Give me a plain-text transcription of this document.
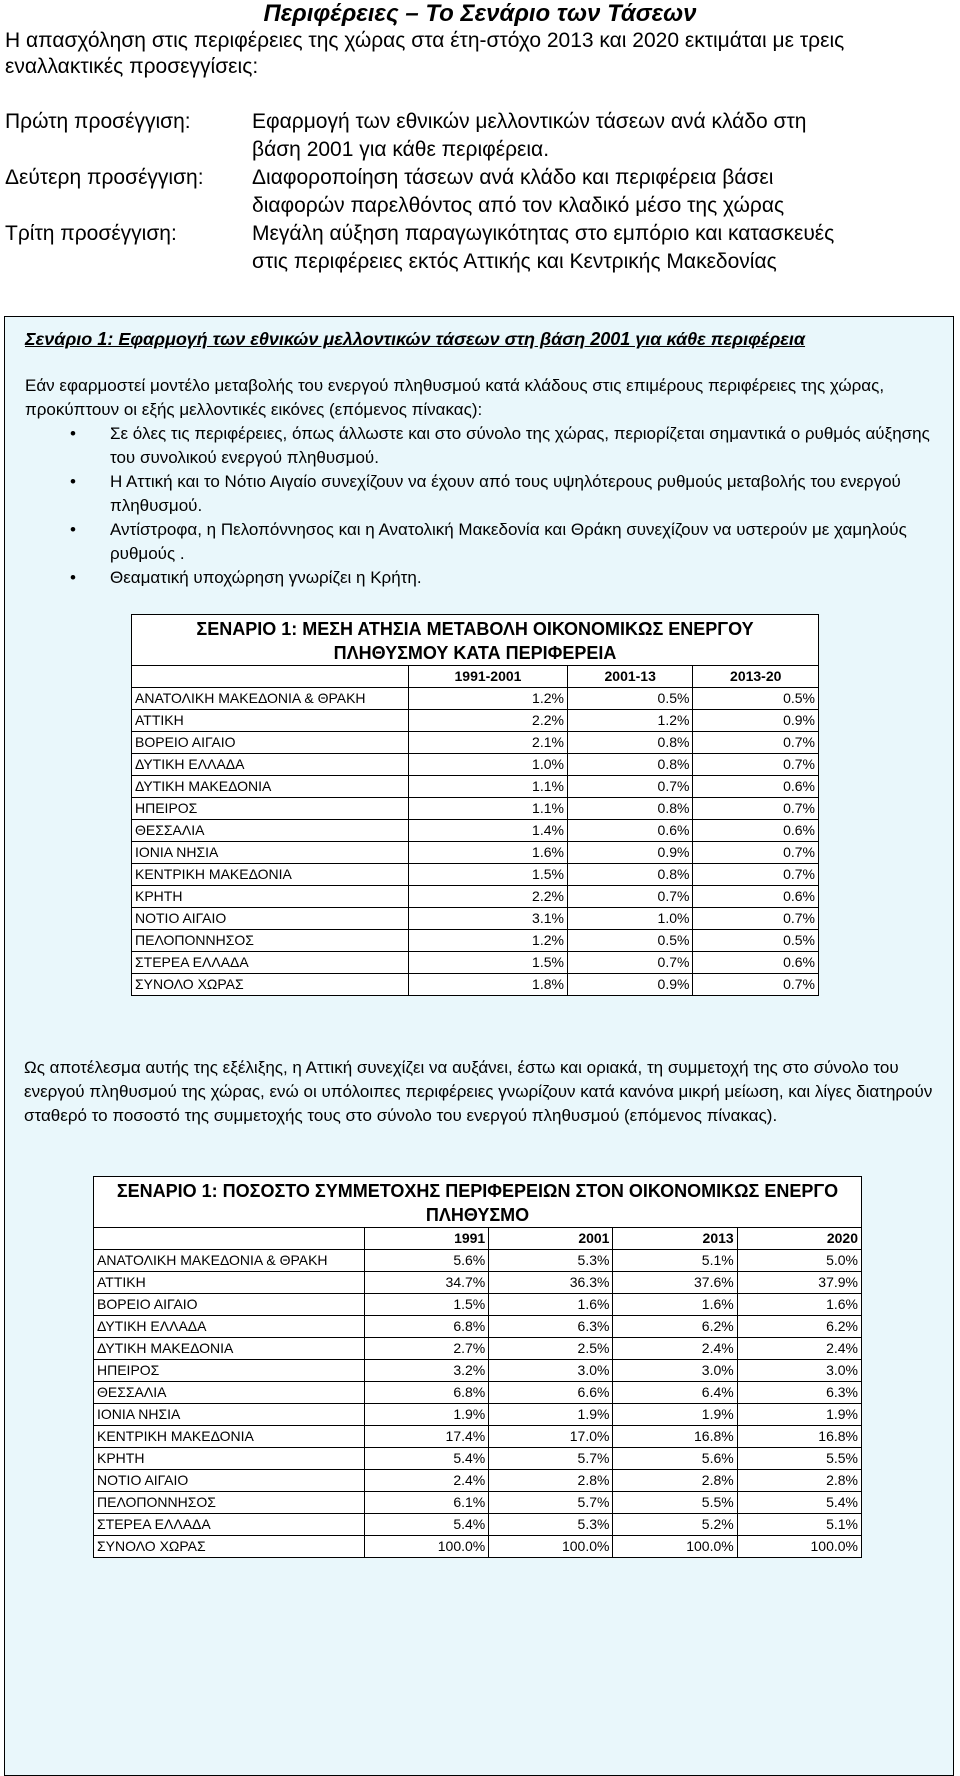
Περιφέρειες – Το Σενάριο των Τάσεων

Η απασχόληση στις περιφέρειες της χώρας στα έτη-στόχο 2013 και 2020 εκτιμάται με τρεις εναλλακτικές προσεγγίσεις:

Πρώτη προσέγγιση:	Εφαρμογή των εθνικών μελλοντικών τάσεων ανά κλάδο στη
βάση 2001 για κάθε περιφέρεια.
Δεύτερη προσέγγιση:	Διαφοροποίηση τάσεων ανά κλάδο και περιφέρεια βάσει
διαφορών παρελθόντος από τον κλαδικό μέσο της χώρας
Τρίτη προσέγγιση:	Μεγάλη αύξηση παραγωγικότητας στο εμπόριο και κατασκευές
στις περιφέρειες εκτός Αττικής και Κεντρικής Μακεδονίας
Σενάριο 1: Εφαρμογή των εθνικών μελλοντικών τάσεων στη βάση 2001 για κάθε περιφέρεια

Εάν εφαρμοστεί μοντέλο μεταβολής του ενεργού πληθυσμού κατά κλάδους στις επιμέρους περιφέρειες της χώρας, προκύπτουν οι εξής μελλοντικές εικόνες (επόμενος πίνακας):

• Σε όλες τις περιφέρειες, όπως άλλωστε και στο σύνολο της χώρας, περιορίζεται σημαντικά ο ρυθμός αύξησης του συνολικού ενεργού πληθυσμού.
• Η Αττική και το Νότιο Αιγαίο συνεχίζουν να έχουν από τους υψηλότερους ρυθμούς μεταβολής του ενεργού πληθυσμού.
• Αντίστροφα, η Πελοπόννησος και η Ανατολική Μακεδονία και Θράκη συνεχίζουν να υστερούν με χαμηλούς ρυθμούς .
• Θεαματική υποχώρηση γνωρίζει η Κρήτη.
ΣΕΝΑΡΙΟ 1: ΜΕΣΗ ΑΤΗΣΙΑ ΜΕΤΑΒΟΛΗ ΟΙΚΟΝΟΜΙΚΩΣ ΕΝΕΡΓΟΥ ΠΛΗΘΥΣΜΟΥ ΚΑΤΑ ΠΕΡΙΦΕΡΕΙΑ			
	1991-2001	2001-13	2013-20
ΑΝΑΤΟΛΙΚΗ ΜΑΚΕΔΟΝΙΑ & ΘΡΑΚΗ	1.2%	0.5%	0.5%
ΑΤΤΙΚΗ	2.2%	1.2%	0.9%
ΒΟΡΕΙΟ ΑΙΓΑΙΟ	2.1%	0.8%	0.7%
ΔΥΤΙΚΗ ΕΛΛΑΔΑ	1.0%	0.8%	0.7%
ΔΥΤΙΚΗ ΜΑΚΕΔΟΝΙΑ	1.1%	0.7%	0.6%
ΗΠΕΙΡΟΣ	1.1%	0.8%	0.7%
ΘΕΣΣΑΛΙΑ	1.4%	0.6%	0.6%
ΙΟΝΙΑ ΝΗΣΙΑ	1.6%	0.9%	0.7%
ΚΕΝΤΡΙΚΗ ΜΑΚΕΔΟΝΙΑ	1.5%	0.8%	0.7%
ΚΡΗΤΗ	2.2%	0.7%	0.6%
ΝΟΤΙΟ ΑΙΓΑΙΟ	3.1%	1.0%	0.7%
ΠΕΛΟΠΟΝΝΗΣΟΣ	1.2%	0.5%	0.5%
ΣΤΕΡΕΑ ΕΛΛΑΔΑ	1.5%	0.7%	0.6%
ΣΥΝΟΛΟ ΧΩΡΑΣ	1.8%	0.9%	0.7%

Ως αποτέλεσμα αυτής της εξέλιξης, η Αττική συνεχίζει να αυξάνει, έστω και οριακά, τη συμμετοχή της στο σύνολο του ενεργού πληθυσμού της χώρας, ενώ οι υπόλοιπες περιφέρειες γνωρίζουν κατά κανόνα μικρή μείωση, και λίγες διατηρούν σταθερό το ποσοστό της συμμετοχής τους στο σύνολο του ενεργού πληθυσμού (επόμενος πίνακας).

ΣΕΝΑΡΙΟ 1: ΠΟΣΟΣΤΟ ΣΥΜΜΕΤΟΧΗΣ ΠΕΡΙΦΕΡΕΙΩΝ ΣΤΟΝ ΟΙΚΟΝΟΜΙΚΩΣ ΕΝΕΡΓΟ ΠΛΗΘΥΣΜΟ				
	1991	2001	2013	2020
ΑΝΑΤΟΛΙΚΗ ΜΑΚΕΔΟΝΙΑ & ΘΡΑΚΗ	5.6%	5.3%	5.1%	5.0%
ΑΤΤΙΚΗ	34.7%	36.3%	37.6%	37.9%
ΒΟΡΕΙΟ ΑΙΓΑΙΟ	1.5%	1.6%	1.6%	1.6%
ΔΥΤΙΚΗ ΕΛΛΑΔΑ	6.8%	6.3%	6.2%	6.2%
ΔΥΤΙΚΗ ΜΑΚΕΔΟΝΙΑ	2.7%	2.5%	2.4%	2.4%
ΗΠΕΙΡΟΣ	3.2%	3.0%	3.0%	3.0%
ΘΕΣΣΑΛΙΑ	6.8%	6.6%	6.4%	6.3%
ΙΟΝΙΑ ΝΗΣΙΑ	1.9%	1.9%	1.9%	1.9%
ΚΕΝΤΡΙΚΗ ΜΑΚΕΔΟΝΙΑ	17.4%	17.0%	16.8%	16.8%
ΚΡΗΤΗ	5.4%	5.7%	5.6%	5.5%
ΝΟΤΙΟ ΑΙΓΑΙΟ	2.4%	2.8%	2.8%	2.8%
ΠΕΛΟΠΟΝΝΗΣΟΣ	6.1%	5.7%	5.5%	5.4%
ΣΤΕΡΕΑ ΕΛΛΑΔΑ	5.4%	5.3%	5.2%	5.1%
ΣΥΝΟΛΟ ΧΩΡΑΣ	100.0%	100.0%	100.0%	100.0%
